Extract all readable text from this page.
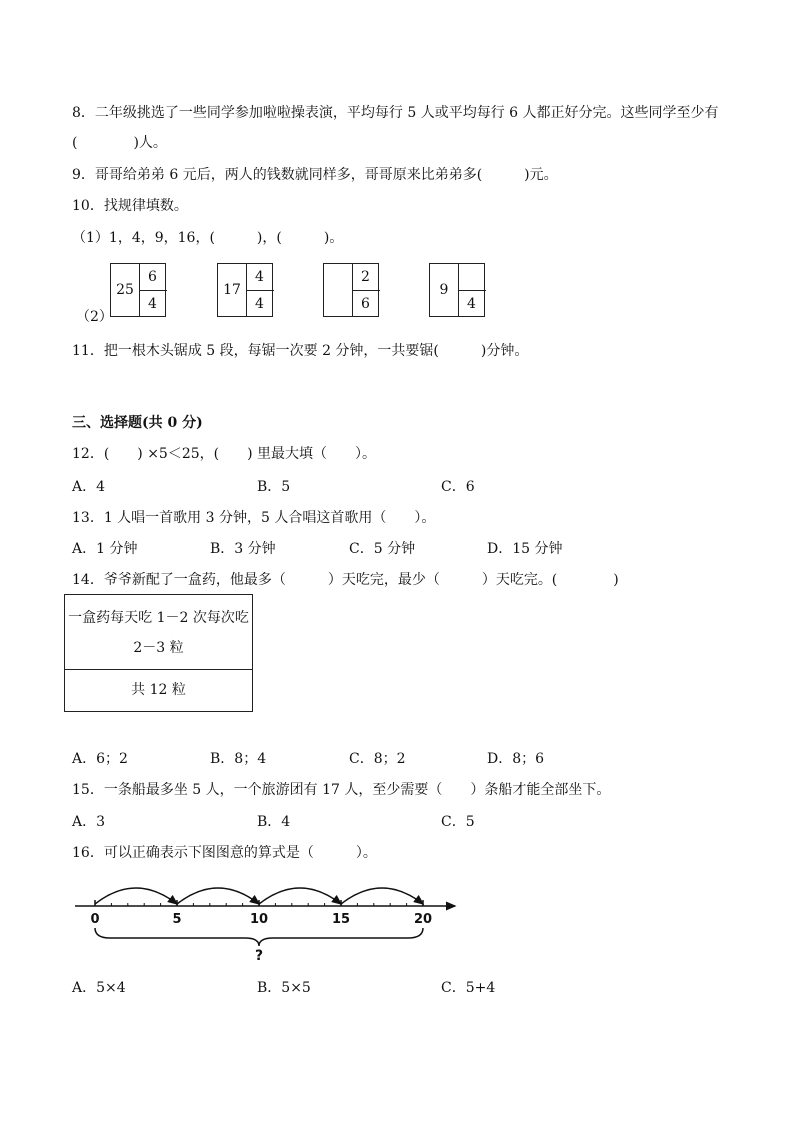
8．二年级挑选了一些同学参加啦啦操表演，平均每行 5 人或平均每行 6 人都正好分完。这些同学至少有
(　　　　)人。
9．哥哥给弟弟 6 元后，两人的钱数就同样多，哥哥原来比弟弟多(　　　)元。
10．找规律填数。
（1）1，4，9，16，(　　　)，(　　　)。
（2）
25
6
4
17
4
4
2
6
9
4
11．把一根木头锯成 5 段，每锯一次要 2 分钟，一共要锯(　　　)分钟。
三、选择题(共 0 分)
12．(　　) ×5＜25，(　　) 里最大填（　　）。
A．4	B．5	C．6
13．1 人唱一首歌用 3 分钟，5 人合唱这首歌用（　　）。
A．1 分钟	B．3 分钟	C．5 分钟	D．15 分钟
14．爷爷新配了一盒药，他最多（　　　）天吃完，最少（　　　）天吃完。(　　　　)
一盒药每天吃 1－2 次每次吃
2－3 粒
共 12 粒
A．6；2	B．8；4	C．8；2	D．8；6
15．一条船最多坐 5 人，一个旅游团有 17 人，至少需要（　　）条船才能全部坐下。
A．3	B．4	C．5
16．可以正确表示下图图意的算式是（　　　）。
0	5	10	15	20
?
A．5×4	B．5×5	C．5+4
